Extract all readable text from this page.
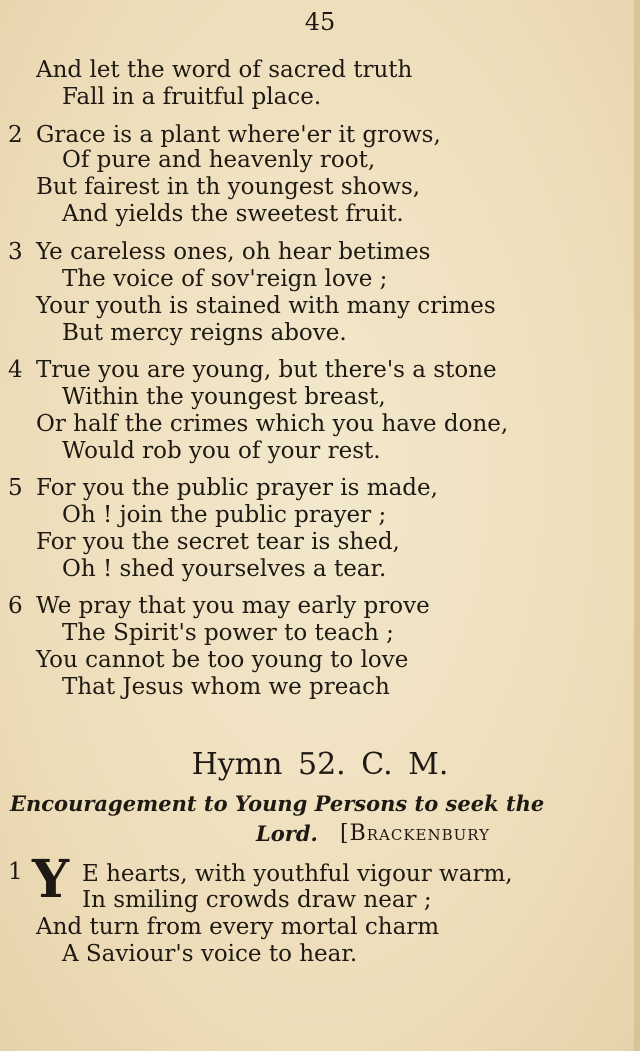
45
And let the word of sacred truth
Fall in a fruitful place.
2 Grace is a plant where'er it grows,
Of pure and heavenly root,
But fairest in th youngest shows,
And yields the sweetest fruit.
3 Ye careless ones, oh hear betimes
The voice of sov'reign love ;
Your youth is stained with many crimes
But mercy reigns above.
4 True you are young, but there's a stone
Within the youngest breast,
Or half the crimes which you have done,
Would rob you of your rest.
5 For you the public prayer is made,
Oh ! join the public prayer ;
For you the secret tear is shed,
Oh ! shed yourselves a tear.
6 We pray that you may early prove
The Spirit's power to teach ;
You cannot be too young to love
That Jesus whom we preach
Hymn 52. C. M.
Encouragement to Young Persons to seek the
Lord. [Brackenbury
1 Y E hearts, with youthful vigour warm,
In smiling crowds draw near ;
And turn from every mortal charm
A Saviour's voice to hear.
